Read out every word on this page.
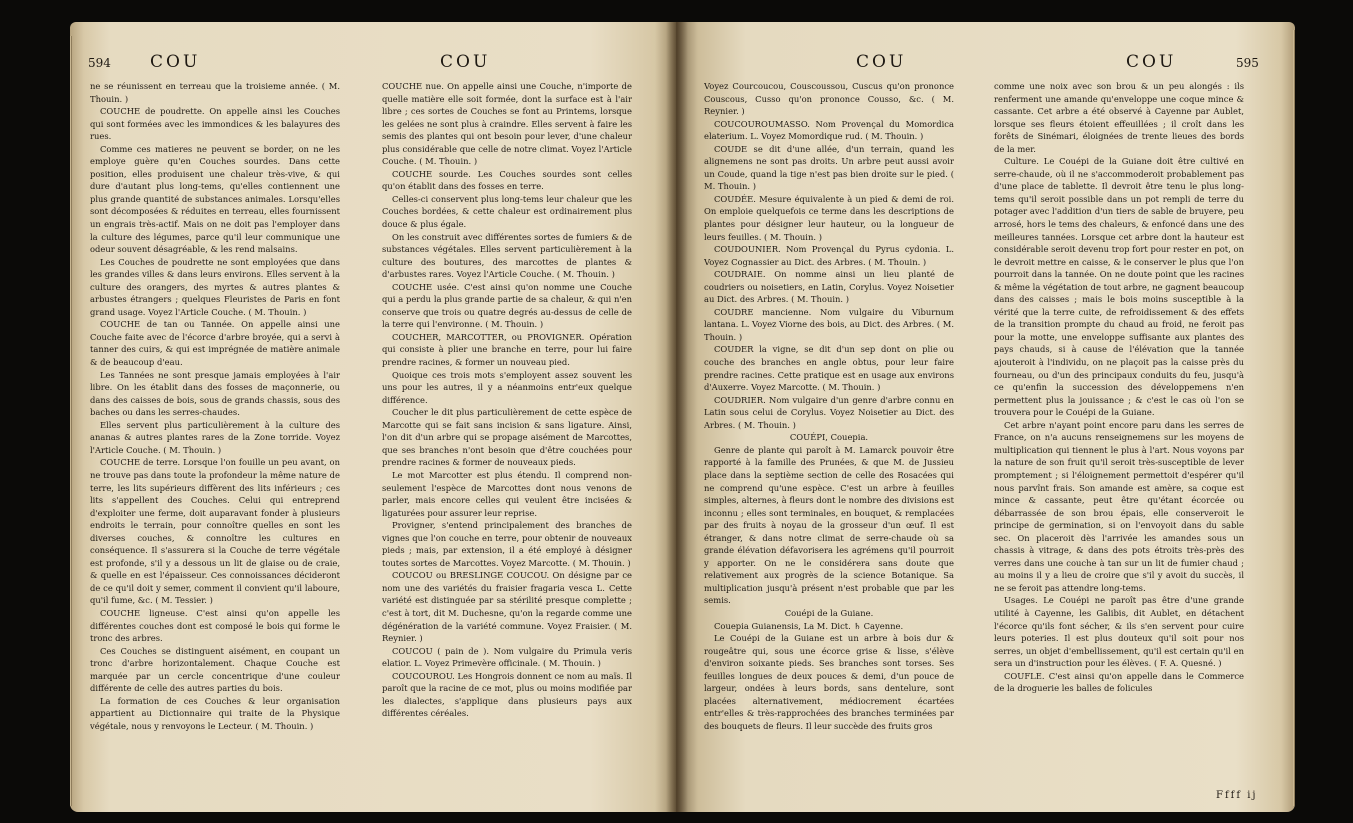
594 COU	COU

ne se réunissent en terreau que la troisieme année. ( M. Thouin. )

COUCHE de poudrette. On appelle ainsi les Couches qui sont formées avec les immondices & les balayures des rues.

Comme ces matieres ne peuvent se border, on ne les employe guère qu'en Couches sourdes. Dans cette position, elles produisent une chaleur très-vive, & qui dure d'autant plus long-tems, qu'elles contiennent une plus grande quantité de substances animales. Lorsqu'elles sont décomposées & réduites en terreau, elles fournissent un engrais très-actif. Mais on ne doit pas l'employer dans la culture des légumes, parce qu'il leur communique une odeur souvent désagréable, & les rend malsains.

Les Couches de poudrette ne sont employées que dans les grandes villes & dans leurs environs. Elles servent à la culture des orangers, des myrtes & autres plantes & arbustes étrangers ; quelques Fleuristes de Paris en font grand usage. Voyez l'Article Couche. ( M. Thouin. )

COUCHE de tan ou Tannée. On appelle ainsi une Couche faite avec de l'écorce d'arbre broyée, qui a servi à tanner des cuirs, & qui est imprégnée de matière animale & de beaucoup d'eau.

Les Tannées ne sont presque jamais employées à l'air libre. On les établit dans des fosses de maçonnerie, ou dans des caisses de bois, sous de grands chassis, sous des baches ou dans les serres-chaudes.

Elles servent plus particulièrement à la culture des ananas & autres plantes rares de la Zone torride. Voyez l'Article Couche. ( M. Thouin. )

COUCHE de terre. Lorsque l'on fouille un peu avant, on ne trouve pas dans toute la profondeur la même nature de terre, les lits supérieurs diffèrent des lits inférieurs ; ces lits s'appellent des Couches. Celui qui entreprend d'exploiter une ferme, doit auparavant fonder à plusieurs endroits le terrain, pour connoître quelles en sont les diverses couches, & connoître les cultures en conséquence. Il s'assurera si la Couche de terre végétale est profonde, s'il y a dessous un lit de glaise ou de craie, & quelle en est l'épaisseur. Ces connoissances décideront de ce qu'il doit y semer, comment il convient qu'il laboure, qu'il fume, &c. ( M. Tessier. )

COUCHE ligneuse. C'est ainsi qu'on appelle les différentes couches dont est composé le bois qui forme le tronc des arbres.

Ces Couches se distinguent aisément, en coupant un tronc d'arbre horizontalement. Chaque Couche est marquée par un cercle concentrique d'une couleur différente de celle des autres parties du bois.

La formation de ces Couches & leur organisation appartient au Dictionnaire qui traite de la Physique végétale, nous y renvoyons le Lecteur. ( M. Thouin. )

COUCHE nue. On appelle ainsi une Couche, n'importe de quelle matière elle soit formée, dont la surface est à l'air libre ; ces sortes de Couches se font au Printems, lorsque les gelées ne sont plus à craindre. Elles servent à faire les semis des plantes qui ont besoin pour lever, d'une chaleur plus considérable que celle de notre climat. Voyez l'Article Couche. ( M. Thouin. )

COUCHE sourde. Les Couches sourdes sont celles qu'on établit dans des fosses en terre.

Celles-ci conservent plus long-tems leur chaleur que les Couches bordées, & cette chaleur est ordinairement plus douce & plus égale.

On les construit avec différentes sortes de fumiers & de substances végétales. Elles servent particulièrement à la culture des boutures, des marcottes de plantes & d'arbustes rares. Voyez l'Article Couche. ( M. Thouin. )

COUCHE usée. C'est ainsi qu'on nomme une Couche qui a perdu la plus grande partie de sa chaleur, & qui n'en conserve que trois ou quatre degrés au-dessus de celle de la terre qui l'environne. ( M. Thouin. )

COUCHER, MARCOTTER, ou PROVIGNER. Opération qui consiste à plier une branche en terre, pour lui faire prendre racines, & former un nouveau pied.

Quoique ces trois mots s'employent assez souvent les uns pour les autres, il y a néanmoins entr'eux quelque différence.

Coucher le dit plus particulièrement de cette espèce de Marcotte qui se fait sans incision & sans ligature. Ainsi, l'on dit d'un arbre qui se propage aisément de Marcottes, que ses branches n'ont besoin que d'être couchées pour prendre racines & former de nouveaux pieds.

Le mot Marcotter est plus étendu. Il comprend non-seulement l'espèce de Marcottes dont nous venons de parler, mais encore celles qui veulent être incisées & ligaturées pour assurer leur reprise.

Provigner, s'entend principalement des branches de vignes que l'on couche en terre, pour obtenir de nouveaux pieds ; mais, par extension, il a été employé à désigner toutes sortes de Marcottes. Voyez Marcotte. ( M. Thouin. )

COUCOU ou BRESLINGE COUCOU. On désigne par ce nom une des variétés du fraisier fragaria vesca L. Cette variété est distinguée par sa stérilité presque complette ; c'est à tort, dit M. Duchesne, qu'on la regarde comme une dégénération de la variété commune. Voyez Fraisier. ( M. Reynier. )

COUCOU ( pain de ). Nom vulgaire du Primula veris elatior. L. Voyez Primevère officinale. ( M. Thouin. )

COUCOUROU. Les Hongrois donnent ce nom au maïs. Il paroît que la racine de ce mot, plus ou moins modifiée par les dialectes, s'applique dans plusieurs pays aux différentes céréales.

COU	COU	595

Voyez Courcoucou, Couscoussou, Cuscus qu'on prononce Couscous, Cusso qu'on prononce Cousso, &c. ( M. Reynier. )

COUCOUROUMASSO. Nom Provençal du Momordica elaterium. L. Voyez Momordique rud. ( M. Thouin. )

COUDE se dit d'une allée, d'un terrain, quand les alignemens ne sont pas droits. Un arbre peut aussi avoir un Coude, quand la tige n'est pas bien droite sur le pied. ( M. Thouin. )

COUDÉE. Mesure équivalente à un pied & demi de roi. On emploie quelquefois ce terme dans les descriptions de plantes pour désigner leur hauteur, ou la longueur de leurs feuilles. ( M. Thouin. )

COUDOUNIER. Nom Provençal du Pyrus cydonia. L. Voyez Cognassier au Dict. des Arbres. ( M. Thouin. )

COUDRAIE. On nomme ainsi un lieu planté de coudriers ou noisetiers, en Latin, Corylus. Voyez Noisetier au Dict. des Arbres. ( M. Thouin. )

COUDRE mancienne. Nom vulgaire du Viburnum lantana. L. Voyez Viorne des bois, au Dict. des Arbres. ( M. Thouin. )

COUDER la vigne, se dit d'un sep dont on plie ou couche des branches en angle obtus, pour leur faire prendre racines. Cette pratique est en usage aux environs d'Auxerre. Voyez Marcotte. ( M. Thouin. )

COUDRIER. Nom vulgaire d'un genre d'arbre connu en Latin sous celui de Corylus. Voyez Noisetier au Dict. des Arbres. ( M. Thouin. )

COUÉPI, Couepia.

Genre de plante qui paroît à M. Lamarck pouvoir être rapporté à la famille des Prunées, & que M. de Jussieu place dans la septième section de celle des Rosacées qui ne comprend qu'une espèce. C'est un arbre à feuilles simples, alternes, à fleurs dont le nombre des divisions est inconnu ; elles sont terminales, en bouquet, & remplacées par des fruits à noyau de la grosseur d'un œuf. Il est étranger, & dans notre climat de serre-chaude où sa grande élévation défavorisera les agrémens qu'il pourroit y apporter. On ne le considérera sans doute que relativement aux progrès de la science Botanique. Sa multiplication jusqu'à présent n'est probable que par les semis.

Couépi de la Guiane.

Couepia Guianensis, La M. Dict. ♄ Cayenne.

Le Couépi de la Guiane est un arbre à bois dur & rougeâtre qui, sous une écorce grise & lisse, s'élève d'environ soixante pieds. Ses branches sont torses. Ses feuilles longues de deux pouces & demi, d'un pouce de largeur, ondées à leurs bords, sans dentelure, sont placées alternativement, médiocrement écartées entr'elles & très-rapprochées des branches terminées par des bouquets de fleurs. Il leur succède des fruits gros

comme une noix avec son brou & un peu alongés : ils renferment une amande qu'enveloppe une coque mince & cassante. Cet arbre a été observé à Cayenne par Aublet, lorsque ses fleurs étoient effeuillées ; il croît dans les forêts de Sinémari, éloignées de trente lieues des bords de la mer.

Culture. Le Couépi de la Guiane doit être cultivé en serre-chaude, où il ne s'accommoderoit probablement pas d'une place de tablette. Il devroit être tenu le plus long-tems qu'il seroit possible dans un pot rempli de terre du potager avec l'addition d'un tiers de sable de bruyere, peu arrosé, hors le tems des chaleurs, & enfoncé dans une des meilleures tannées. Lorsque cet arbre dont la hauteur est considérable seroit devenu trop fort pour rester en pot, on le devroit mettre en caisse, & le conserver le plus que l'on pourroit dans la tannée. On ne doute point que les racines & même la végétation de tout arbre, ne gagnent beaucoup dans des caisses ; mais le bois moins susceptible à la vérité que la terre cuite, de refroidissement & des effets de la transition prompte du chaud au froid, ne feroit pas pour la motte, une enveloppe suffisante aux plantes des pays chauds, si à cause de l'élévation que la tannée ajouteroit à l'individu, on ne plaçoit pas la caisse près du fourneau, ou d'un des principaux conduits du feu, jusqu'à ce qu'enfin la succession des développemens n'en permettent plus la jouissance ; & c'est le cas où l'on se trouvera pour le Couépi de la Guiane.

Cet arbre n'ayant point encore paru dans les serres de France, on n'a aucuns renseignemens sur les moyens de multiplication qui tiennent le plus à l'art. Nous voyons par la nature de son fruit qu'il seroit très-susceptible de lever promptement ; si l'éloignement permettoit d'espérer qu'il nous parvînt frais. Son amande est amère, sa coque est mince & cassante, peut être qu'étant écorcée ou débarrassée de son brou épais, elle conserveroit le principe de germination, si on l'envoyoit dans du sable sec. On placeroit dès l'arrivée les amandes sous un chassis à vitrage, & dans des pots étroits très-près des verres dans une couche à tan sur un lit de fumier chaud ; au moins il y a lieu de croire que s'il y avoit du succès, il ne se feroit pas attendre long-tems.

Usages. Le Couépi ne paroît pas être d'une grande utilité à Cayenne, les Galibis, dit Aublet, en détachent l'écorce qu'ils font sécher, & ils s'en servent pour cuire leurs poteries. Il est plus douteux qu'il soit pour nos serres, un objet d'embellissement, qu'il est certain qu'il en sera un d'instruction pour les élèves. ( F. A. Quesné. )

COUFLE. C'est ainsi qu'on appelle dans le Commerce de la droguerie les balles de folicules

Ffff ij
